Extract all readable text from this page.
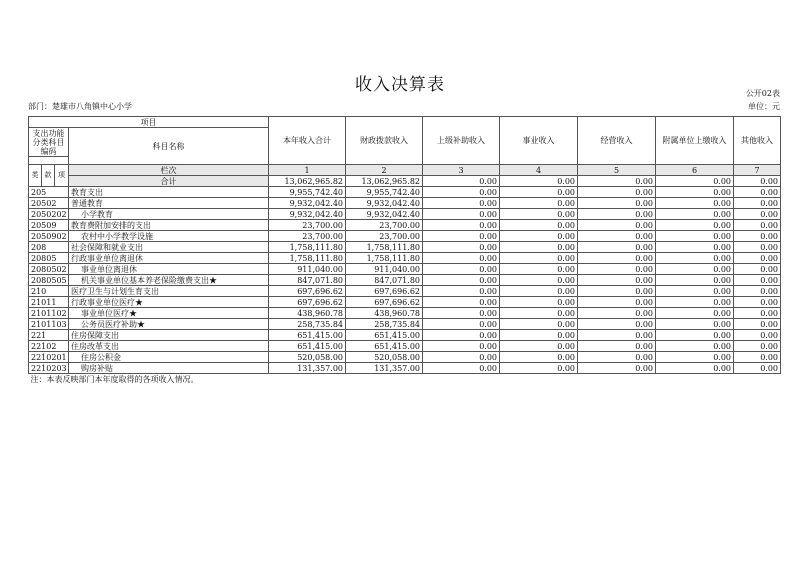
收入决算表	公开02表
部门：楚雄市八角镇中心小学	单位：元
项目				本年收入合计	财政拨款收入	上级补助收入	事业收入	经营收入	附属单位上缴收入	其他收入
支出功能分类科目编码			科目名称							

类	款	项	栏次	1	2	3	4	5	6	7
			合计	13,062,965.82	13,062,965.82	0.00	0.00	0.00	0.00	0.00
205			教育支出	9,955,742.40	9,955,742.40	0.00	0.00	0.00	0.00	0.00
20502			普通教育	9,932,042.40	9,932,042.40	0.00	0.00	0.00	0.00	0.00
2050202			小学教育	9,932,042.40	9,932,042.40	0.00	0.00	0.00	0.00	0.00
20509			教育费附加安排的支出	23,700.00	23,700.00	0.00	0.00	0.00	0.00	0.00
2050902			农村中小学教学设施	23,700.00	23,700.00	0.00	0.00	0.00	0.00	0.00
208			社会保障和就业支出	1,758,111.80	1,758,111.80	0.00	0.00	0.00	0.00	0.00
20805			行政事业单位离退休	1,758,111.80	1,758,111.80	0.00	0.00	0.00	0.00	0.00
2080502			事业单位离退休	911,040.00	911,040.00	0.00	0.00	0.00	0.00	0.00
2080505			机关事业单位基本养老保险缴费支出★	847,071.80	847,071.80	0.00	0.00	0.00	0.00	0.00
210			医疗卫生与计划生育支出	697,696.62	697,696.62	0.00	0.00	0.00	0.00	0.00
21011			行政事业单位医疗★	697,696.62	697,696.62	0.00	0.00	0.00	0.00	0.00
2101102			事业单位医疗★	438,960.78	438,960.78	0.00	0.00	0.00	0.00	0.00
2101103			公务员医疗补助★	258,735.84	258,735.84	0.00	0.00	0.00	0.00	0.00
221			住房保障支出	651,415.00	651,415.00	0.00	0.00	0.00	0.00	0.00
22102			住房改革支出	651,415.00	651,415.00	0.00	0.00	0.00	0.00	0.00
2210201			住房公积金	520,058.00	520,058.00	0.00	0.00	0.00	0.00	0.00
2210203			购房补贴	131,357.00	131,357.00	0.00	0.00	0.00	0.00	0.00
注：本表反映部门本年度取得的各项收入情况。										
